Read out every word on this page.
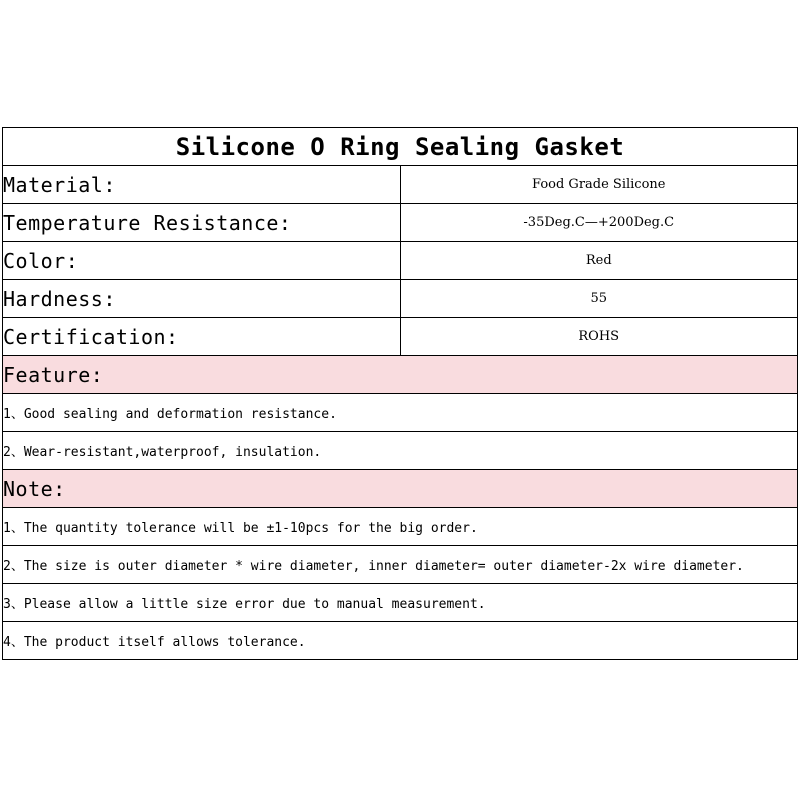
Silicone O Ring Sealing Gasket	
Material:	Food Grade Silicone
Temperature Resistance:	-35Deg.C—+200Deg.C
Color:	Red
Hardness:	55
Certification:	ROHS
Feature:	
1、Good sealing and deformation resistance.	
2、Wear-resistant,waterproof, insulation.	
Note:	
1、The quantity tolerance will be ±1-10pcs for the big order.	
2、The size is outer diameter * wire diameter, inner diameter= outer diameter-2x wire diameter.	
3、Please allow a little size error due to manual measurement.	
4、The product itself allows tolerance.	
